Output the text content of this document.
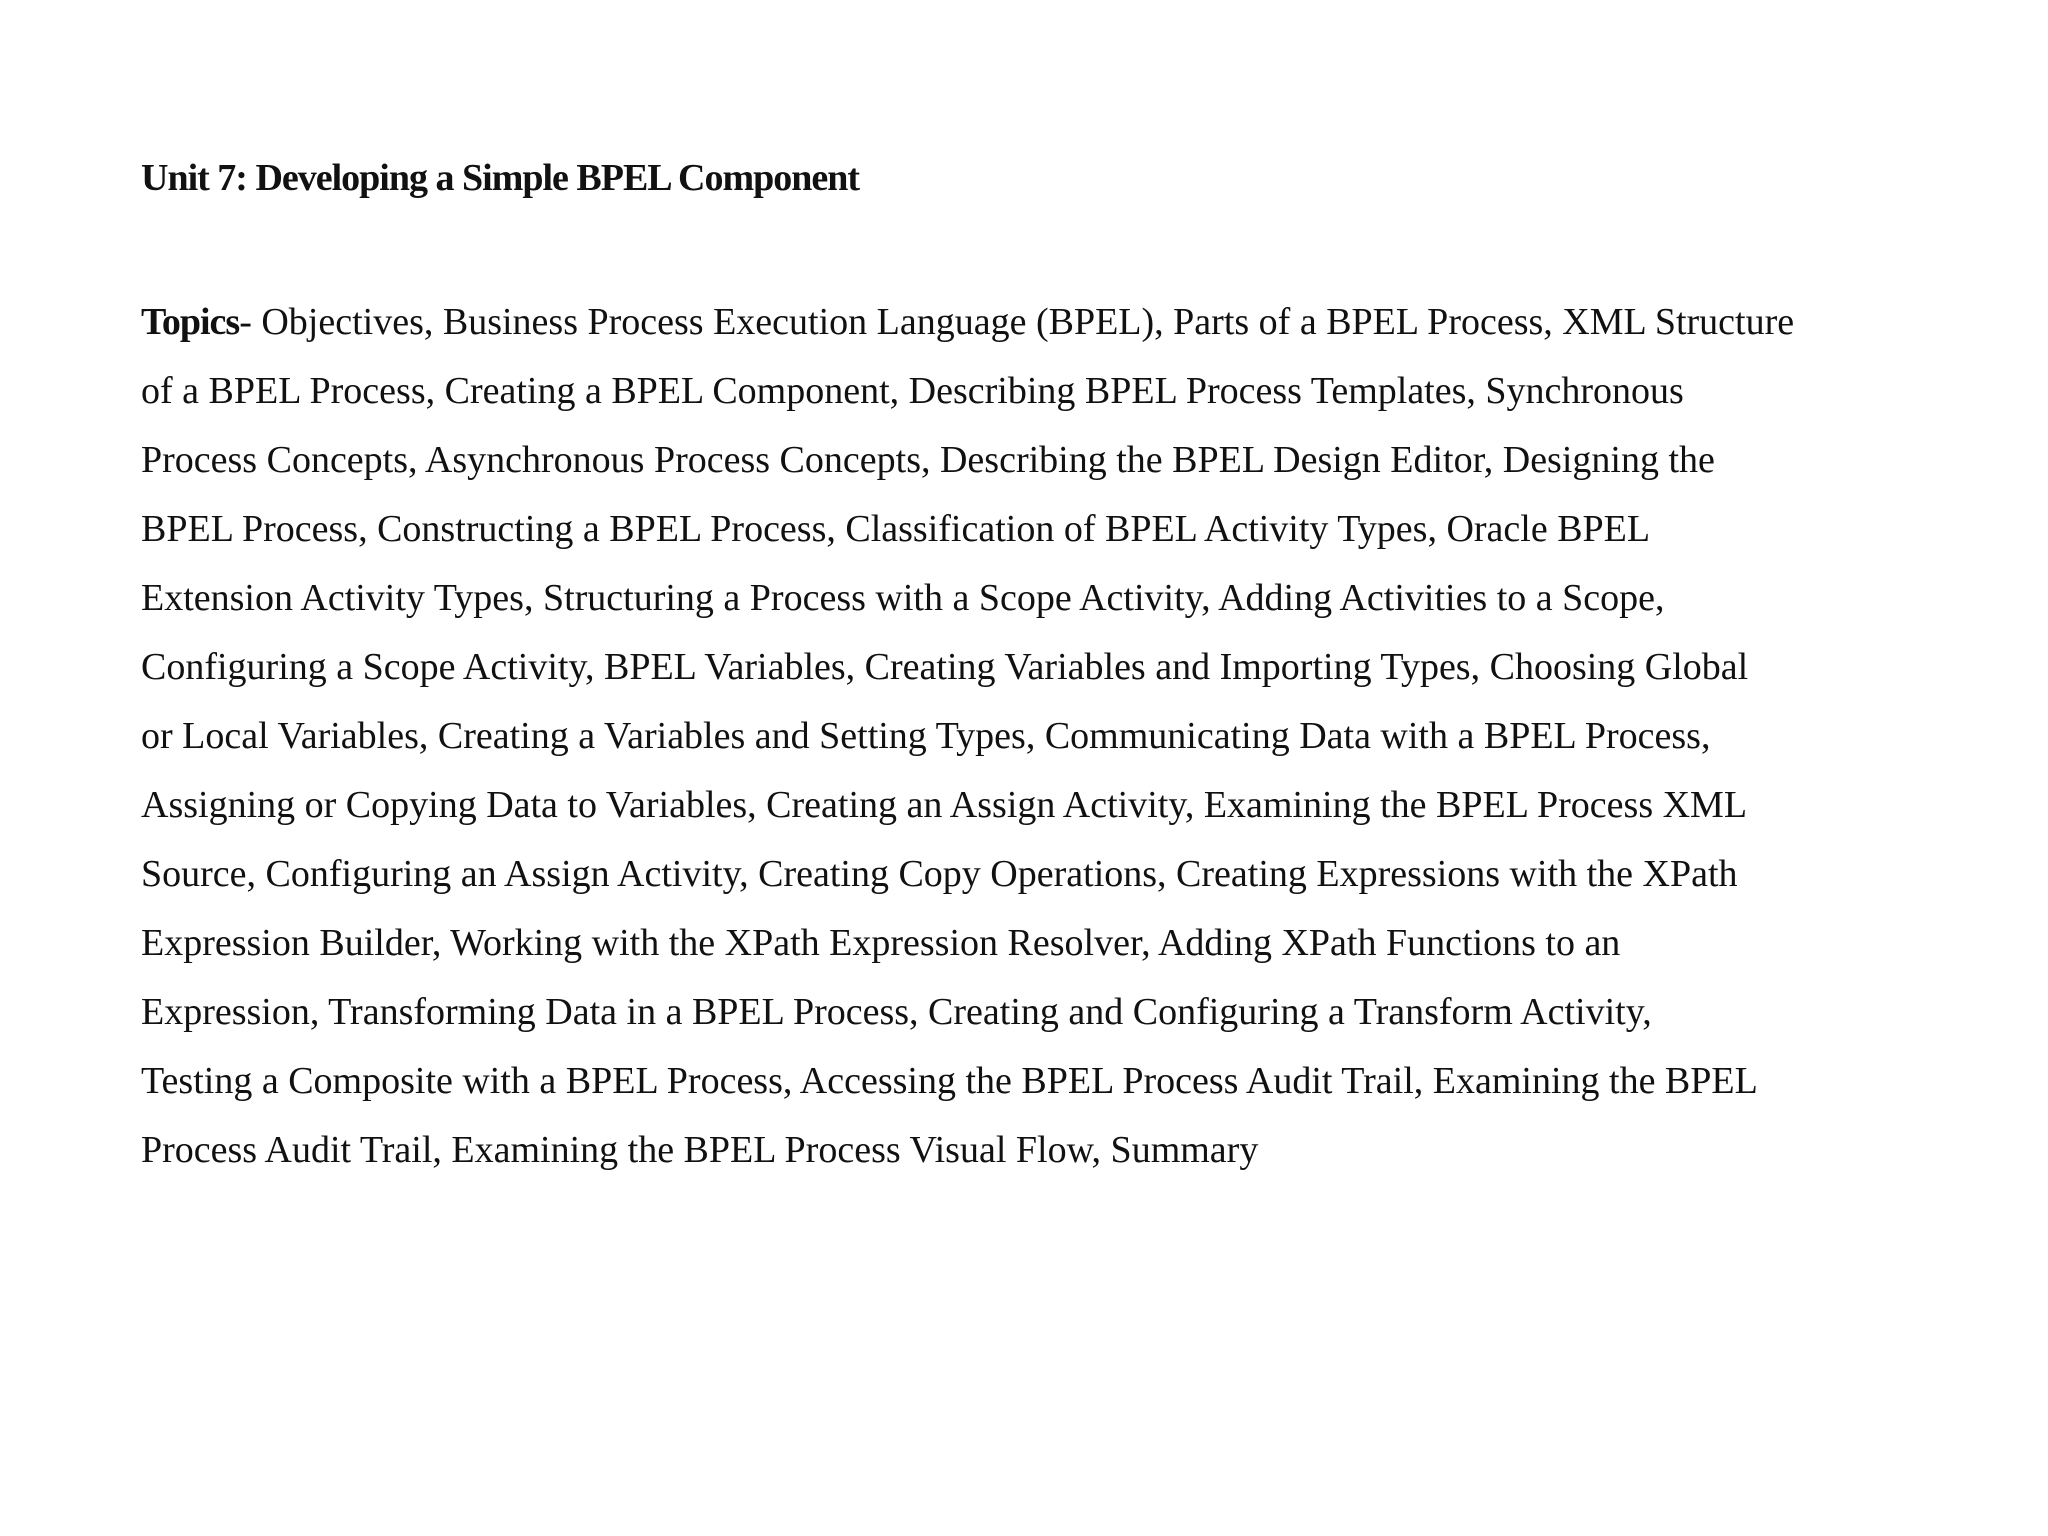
Unit 7: Developing a Simple BPEL Component

Topics- Objectives, Business Process Execution Language (BPEL), Parts of a BPEL Process, XML Structure
of a BPEL Process, Creating a BPEL Component, Describing BPEL Process Templates, Synchronous
Process Concepts, Asynchronous Process Concepts, Describing the BPEL Design Editor, Designing the
BPEL Process, Constructing a BPEL Process, Classification of BPEL Activity Types, Oracle BPEL
Extension Activity Types, Structuring a Process with a Scope Activity, Adding Activities to a Scope,
Configuring a Scope Activity, BPEL Variables, Creating Variables and Importing Types, Choosing Global
or Local Variables, Creating a Variables and Setting Types, Communicating Data with a BPEL Process,
Assigning or Copying Data to Variables, Creating an Assign Activity, Examining the BPEL Process XML
Source, Configuring an Assign Activity, Creating Copy Operations, Creating Expressions with the XPath
Expression Builder, Working with the XPath Expression Resolver, Adding XPath Functions to an
Expression, Transforming Data in a BPEL Process, Creating and Configuring a Transform Activity,
Testing a Composite with a BPEL Process, Accessing the BPEL Process Audit Trail, Examining the BPEL
Process Audit Trail, Examining the BPEL Process Visual Flow, Summary
